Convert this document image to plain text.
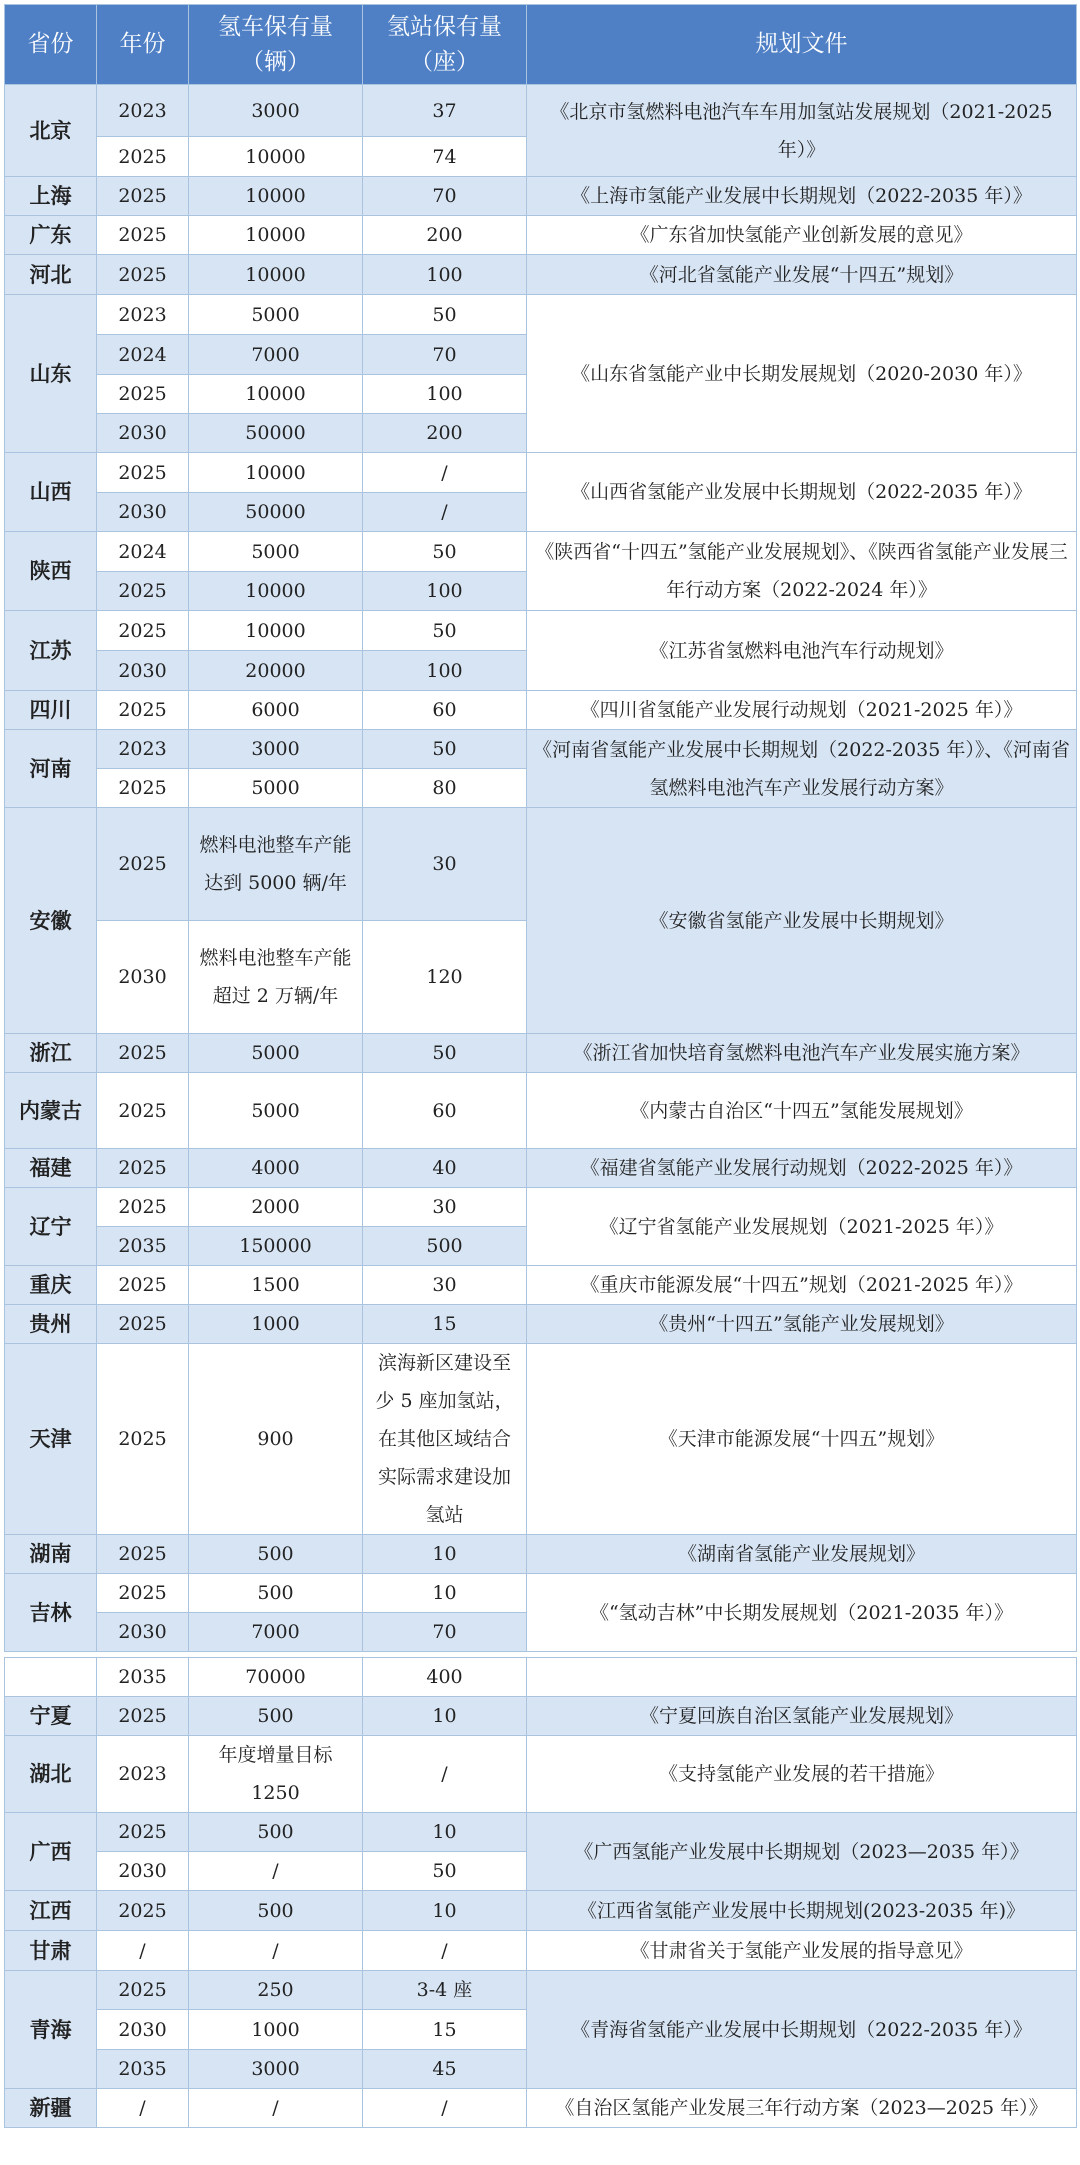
省份	年份	氢车保有量（辆）	氢站保有量（座）	规划文件
北京	2023	3000	37	《北京市氢燃料电池汽车车用加氢站发展规划（2021-2025 年）》
	2025	10000	74	
上海	2025	10000	70	《上海市氢能产业发展中长期规划（2022-2035 年）》
广东	2025	10000	200	《广东省加快氢能产业创新发展的意见》
河北	2025	10000	100	《河北省氢能产业发展“十四五”规划》
山东	2023	5000	50	《山东省氢能产业中长期发展规划（2020-2030 年）》
	2024	7000	70	
	2025	10000	100	
	2030	50000	200	
山西	2025	10000	/	《山西省氢能产业发展中长期规划（2022-2035 年）》
	2030	50000	/	
陕西	2024	5000	50	《陕西省“十四五”氢能产业发展规划》、《陕西省氢能产业发展三年行动方案（2022-2024 年）》
	2025	10000	100	
江苏	2025	10000	50	《江苏省氢燃料电池汽车行动规划》
	2030	20000	100	
四川	2025	6000	60	《四川省氢能产业发展行动规划（2021-2025 年）》
河南	2023	3000	50	《河南省氢能产业发展中长期规划（2022-2035 年）》、《河南省氢燃料电池汽车产业发展行动方案》
	2025	5000	80	
安徽	2025	燃料电池整车产能达到 5000 辆/年	30	《安徽省氢能产业发展中长期规划》
	2030	燃料电池整车产能超过 2 万辆/年	120	
浙江	2025	5000	50	《浙江省加快培育氢燃料电池汽车产业发展实施方案》
内蒙古	2025	5000	60	《内蒙古自治区“十四五”氢能发展规划》
福建	2025	4000	40	《福建省氢能产业发展行动规划（2022-2025 年）》
辽宁	2025	2000	30	《辽宁省氢能产业发展规划（2021-2025 年）》
	2035	150000	500	
重庆	2025	1500	30	《重庆市能源发展“十四五”规划（2021-2025 年）》
贵州	2025	1000	15	《贵州“十四五”氢能产业发展规划》
天津	2025	900	滨海新区建设至少 5 座加氢站，在其他区域结合实际需求建设加氢站	《天津市能源发展“十四五”规划》
湖南	2025	500	10	《湖南省氢能产业发展规划》
吉林	2025	500	10	《“氢动吉林”中长期发展规划（2021-2035 年）》
	2030	7000	70	

	2035	70000	400	
宁夏	2025	500	10	《宁夏回族自治区氢能产业发展规划》
湖北	2023	年度增量目标 1250	/	《支持氢能产业发展的若干措施》
广西	2025	500	10	《广西氢能产业发展中长期规划（2023—2035 年）》
	2030	/	50	
江西	2025	500	10	《江西省氢能产业发展中长期规划(2023-2035 年)》
甘肃	/	/	/	《甘肃省关于氢能产业发展的指导意见》
青海	2025	250	3-4 座	《青海省氢能产业发展中长期规划（2022-2035 年）》
	2030	1000	15	
	2035	3000	45	
新疆	/	/	/	《自治区氢能产业发展三年行动方案（2023—2025 年）》
